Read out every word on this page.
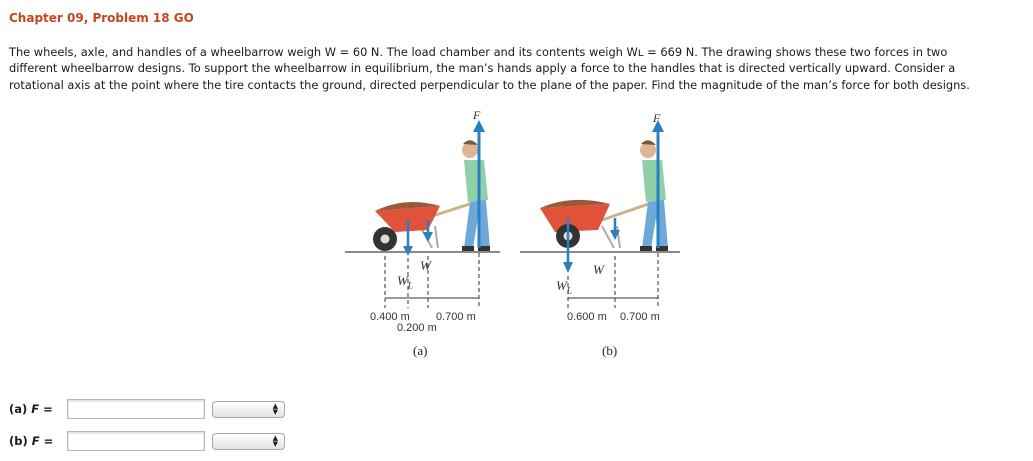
Chapter 09, Problem 18 GO
The wheels, axle, and handles of a wheelbarrow weigh W = 60 N. The load chamber and its contents weigh Wʟ = 669 N. The drawing shows these two forces in two
different wheelbarrow designs. To support the wheelbarrow in equilibrium, the man’s hands apply a force to the handles that is directed vertically upward. Consider a
rotational axis at the point where the tire contacts the ground, directed perpendicular to the plane of the paper. Find the magnitude of the man’s force for both designs.
F	F
W
$W_L$
W
$W_L$
0.400 m 0.700 m
0.200 m
0.600 m 0.700 m
(a)	(b)
(a) F =	▲
▼
(b) F =	▲
▼
